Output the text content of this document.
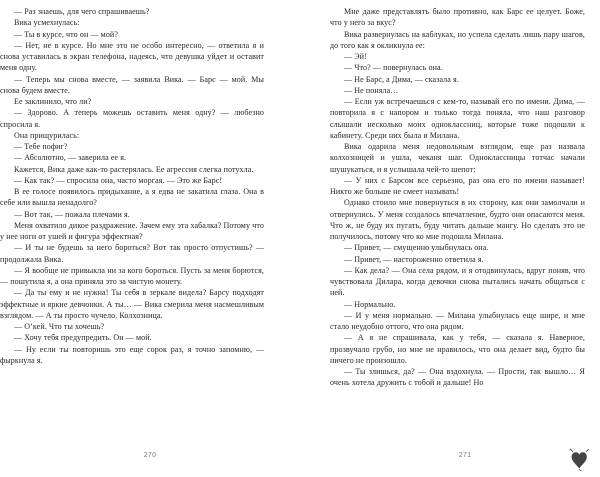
— Раз знаешь, для чего спрашиваешь?

Вика усмехнулась:

— Ты в курсе, что он — мой?

— Нет, не в курсе. Но мне это не особо интересно, — ответила я и снова уставилась в экран телефона, надеясь, что девушка уйдет и оставит меня одну.

— Теперь мы снова вместе, — заявила Вика. — Барс — мой. Мы снова будем вместе.

Ее заклинило, что ли?

— Здорово. А теперь можешь оставить меня одну? — любезно спросила я.

Она прищурилась:

— Тебе пофиг?

— Абсолютно, — заверила ее я.

Кажется, Вика даже как-то растерялась. Ее агрессия слегка потухла.

— Как так? — спросила она, часто моргая. — Это же Барс!

В ее голосе появилось придыхание, а я едва не закатила глаза. Она в себе или вышла ненадолго?

— Вот так, — пожала плечами я.

Меня охватило дикое раздражение. Зачем ему эта хабалка? Потому что у нее ноги от ушей и фигура эффектная?

— И ты не будешь за него бороться? Вот так просто отпустишь? — продолжала Вика.

— Я вообще не привыкла ни за кого бороться. Пусть за меня борются, — пошутила я, а она приняла это за чистую монету.

— Да ты ему и не нужна! Ты себя в зеркале видела? Барсу подходят эффектные и яркие девчонки. А ты… — Вика смерила меня насмешливым взглядом. — А ты просто чучело. Колхозница.

— О’кей. Что ты хочешь?

— Хочу тебя предупредить. Он — мой.

— Ну если ты повторишь это еще сорок раз, я точно запомню, — фыркнула я.

270

Мне даже представлять было противно, как Барс ее целует. Боже, что у него за вкус?

Вика развернулась на каблуках, но успела сделать лишь пару шагов, до того как я окликнула ее:

— Эй!

— Что? — повернулась она.

— Не Барс, а Дима, — сказала я.

— Не поняла…

— Если уж встречаешься с кем-то, называй его по имени. Дима, — повторила я с напором и только тогда поняла, что наш разговор слышали несколько моих одноклассниц, которые тоже подошли к кабинету. Среди них была и Милана.

Вика одарила меня недовольным взглядом, еще раз назвала колхозницей и ушла, чеканя шаг. Одноклассницы тотчас начали шушукаться, и я услышала чей-то шепот:

— У них с Барсом все серьезно, раз она его по имени называет! Никто же больше не смеет называть!

Однако стоило мне повернуться в их сторону, как они замолчали и отвернулись. У меня создалось впечатление, будто они опасаются меня. Что ж, не буду их пугать, буду читать дальше мангу. Но сделать это не получилось, потому что ко мне подошла Милана.

— Привет, — смущенно улыбнулась она.

— Привет, — настороженно ответила я.

— Как дела? — Она села рядом, и я отодвинулась, вдруг поняв, что чувствовала Дилара, когда девочки снова пытались начать общаться с ней.

— Нормально.

— И у меня нормально. — Милана улыбнулась еще шире, и мне стало неудобно оттого, что она рядом.

— А я не спрашивала, как у тебя, — сказала я. Наверное, прозвучало грубо, но мне не нравилось, что она делает вид, будто бы ничего не произошло.

— Ты злишься, да? — Она вздохнула. — Прости, так вышло… Я очень хотела дружить с тобой и дальше! Но

271
